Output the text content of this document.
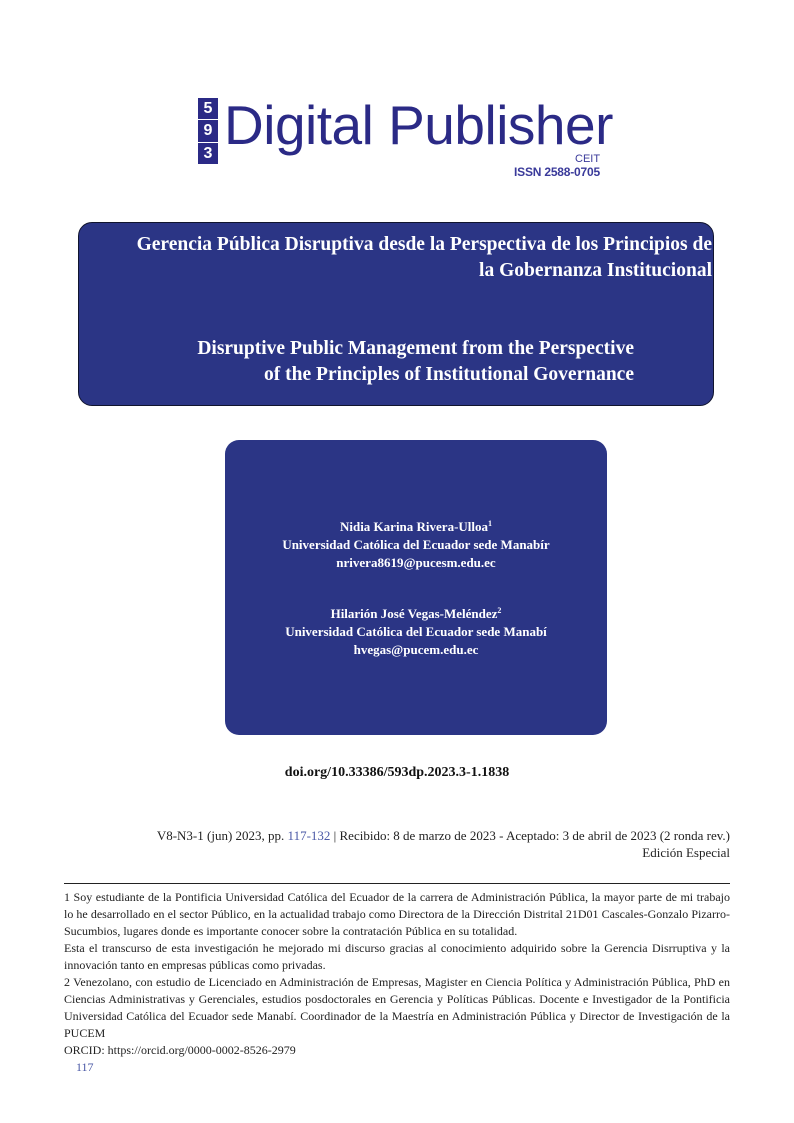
5
9
3 Digital Publisher
CEIT
ISSN 2588-0705
Gerencia Pública Disruptiva desde la Perspectiva de los Principios de
la Gobernanza Institucional
Disruptive Public Management from the Perspective
of the Principles of Institutional Governance
Nidia Karina Rivera-Ulloa$^1$
Universidad Católica del Ecuador sede Manabír
nrivera8619@pucesm.edu.ec
Hilarión José Vegas-Meléndez$^2$
Universidad Católica del Ecuador sede Manabí
hvegas@pucem.edu.ec
doi.org/10.33386/593dp.2023.3-1.1838
V8-N3-1 (jun) 2023, pp. 117-132 | Recibido: 8 de marzo de 2023 - Aceptado: 3 de abril de 2023 (2 ronda rev.)
Edición Especial

1 Soy estudiante de la Pontificia Universidad Católica del Ecuador de la carrera de Administración Pública, la mayor parte de mi trabajo lo he desarrollado en el sector Público, en la actualidad trabajo como Directora de la Dirección Distrital 21D01 Cascales-Gonzalo Pizarro-Sucumbios, lugares donde es importante conocer sobre la contratación Pública en su totalidad.

Esta el transcurso de esta investigación he mejorado mi discurso gracias al conocimiento adquirido sobre la Gerencia Disrruptiva y la innovación tanto en empresas públicas como privadas.

2 Venezolano, con estudio de Licenciado en Administración de Empresas, Magister en Ciencia Política y Administración Pública, PhD en Ciencias Administrativas y Gerenciales, estudios posdoctorales en Gerencia y Políticas Públicas. Docente e Investigador de la Pontificia Universidad Católica del Ecuador sede Manabí. Coordinador de la Maestría en Administración Pública y Director de Investigación de la PUCEM

ORCID: https://orcid.org/0000-0002-8526-2979

117
